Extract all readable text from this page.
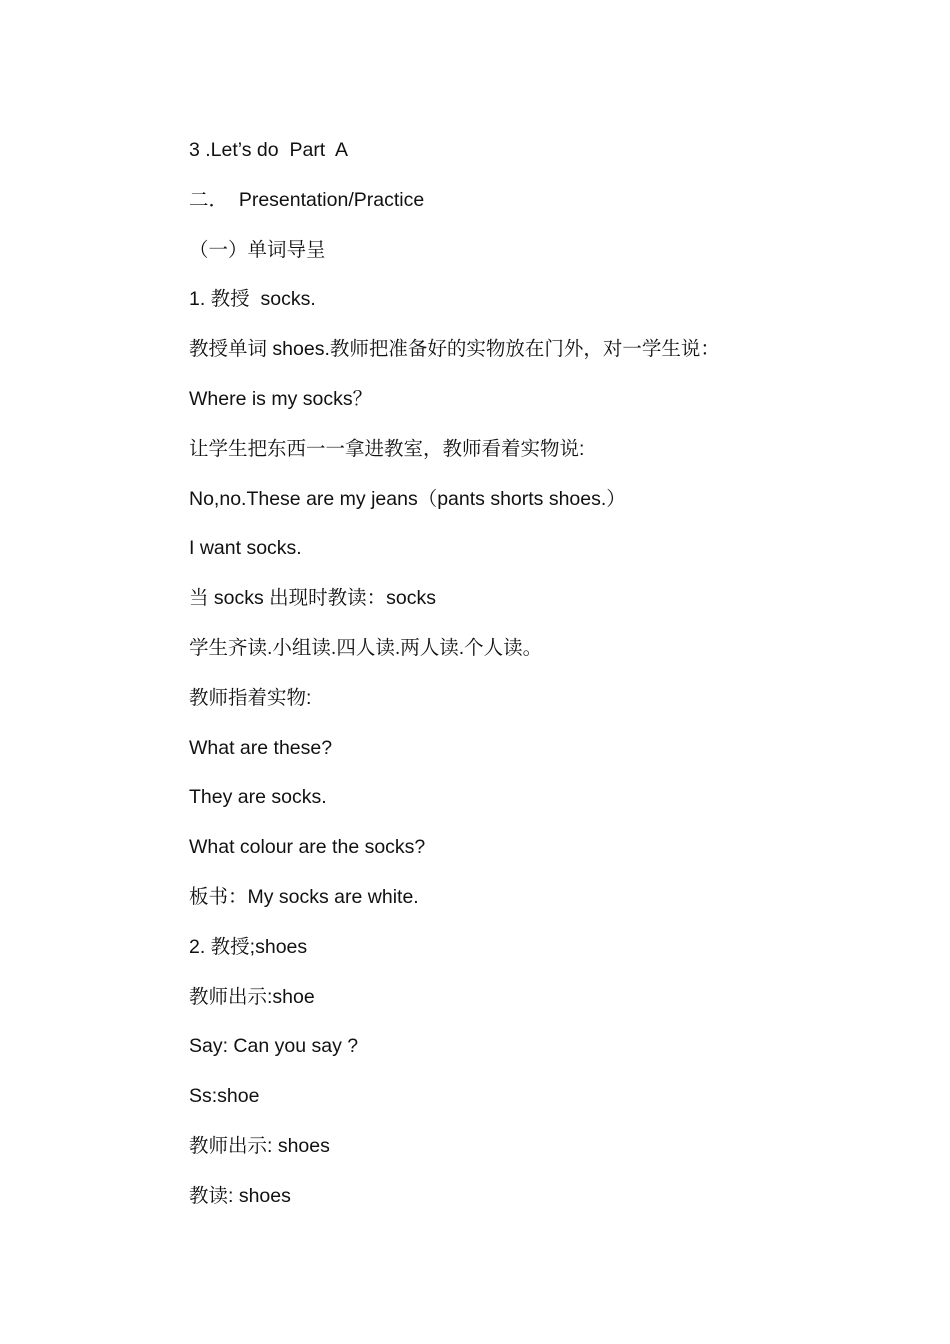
3 .Let’s do  Part  A
二．  Presentation/Practice
（一）单词导呈
1. 教授  socks.
教授单词 shoes.教师把准备好的实物放在门外，对一学生说：
Where is my socks？
让学生把东西一一拿进教室，教师看着实物说:
No,no.These are my jeans（pants shorts shoes.）
I want socks.
当 socks 出现时教读：socks
学生齐读.小组读.四人读.两人读.个人读。
教师指着实物:
What are these?
They are socks.
What colour are the socks?
板书：My socks are white.
2. 教授;shoes
教师出示:shoe
Say: Can you say ?
Ss:shoe
教师出示: shoes
教读: shoes
